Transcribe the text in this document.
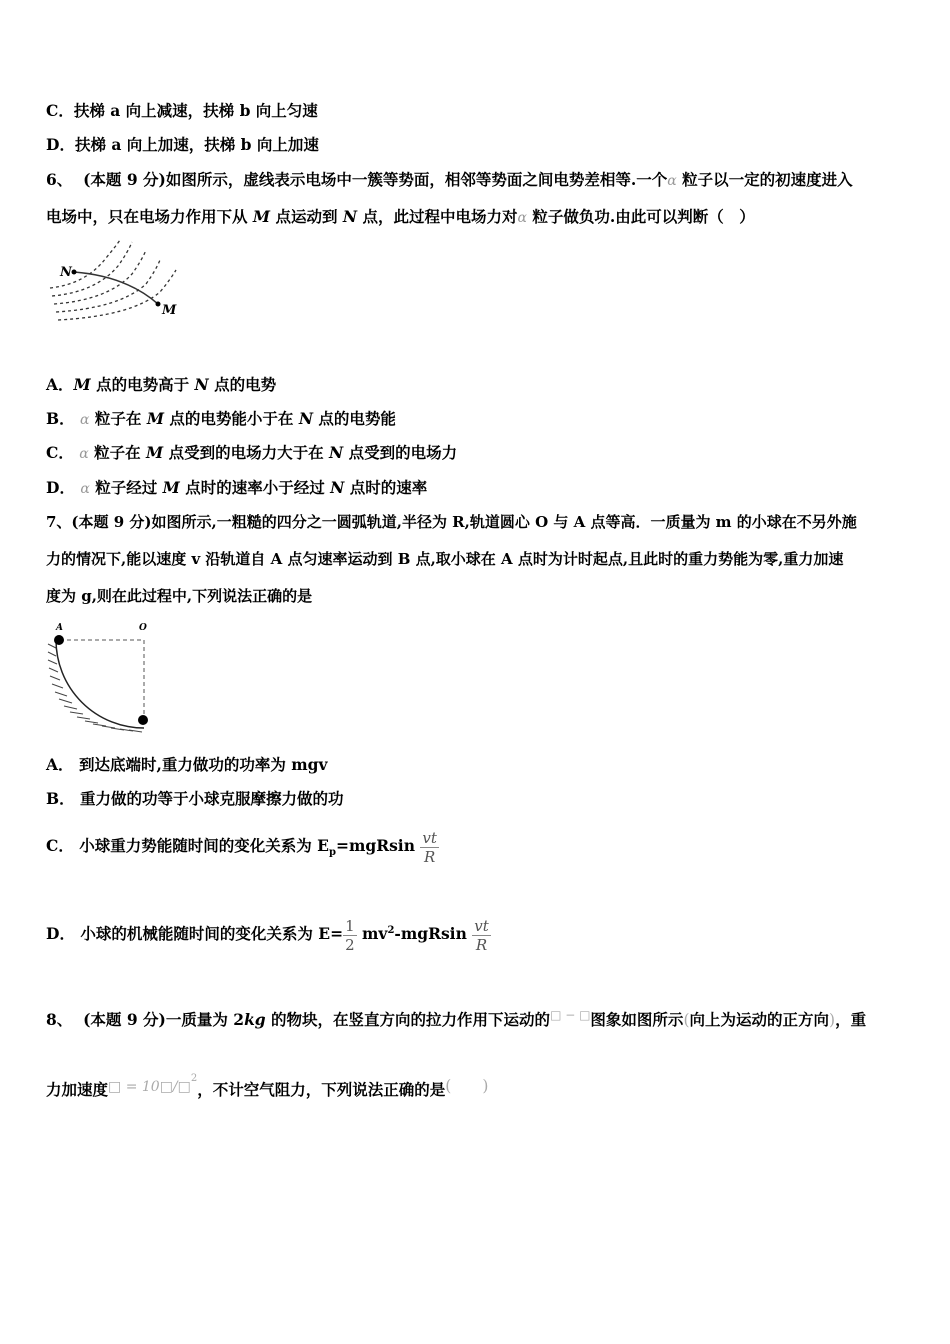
C．扶梯 a 向上减速，扶梯 b 向上匀速
D．扶梯 a 向上加速，扶梯 b 向上加速
6、 (本题 9 分)如图所示，虚线表示电场中一簇等势面，相邻等势面之间电势差相等.一个α 粒子以一定的初速度进入
电场中，只在电场力作用下从 M 点运动到 N 点，此过程中电场力对α 粒子做负功.由此可以判断（　）
N
M
A．M 点的电势高于 N 点的电势
B． α 粒子在 M 点的电势能小于在 N 点的电势能
C． α 粒子在 M 点受到的电场力大于在 N 点受到的电场力
D． α 粒子经过 M 点时的速率小于经过 N 点时的速率
7、(本题 9 分)如图所示,一粗糙的四分之一圆弧轨道,半径为 R,轨道圆心 O 与 A 点等高．一质量为 m 的小球在不另外施
力的情况下,能以速度 v 沿轨道自 A 点匀速率运动到 B 点,取小球在 A 点时为计时起点,且此时的重力势能为零,重力加速
度为 g,则在此过程中,下列说法正确的是
A	O
A． 到达底端时,重力做功的功率为 mgv
B． 重力做的功等于小球克服摩擦力做的功
C． 小球重力势能随时间的变化关系为 $E_p=mgRsin \frac{vt}{R}$
D． 小球的机械能随时间的变化关系为 $E= \frac{1}{2} mv^2-mgRsin \frac{vt}{R}$
8、 (本题 9 分)一质量为 2kg 的物块，在竖直方向的拉力作用下运动的□ − □图象如图所示(向上为运动的正方向)，重
力加速度□ = 10□/□$^2$，不计空气阻力，下列说法正确的是(　　)
